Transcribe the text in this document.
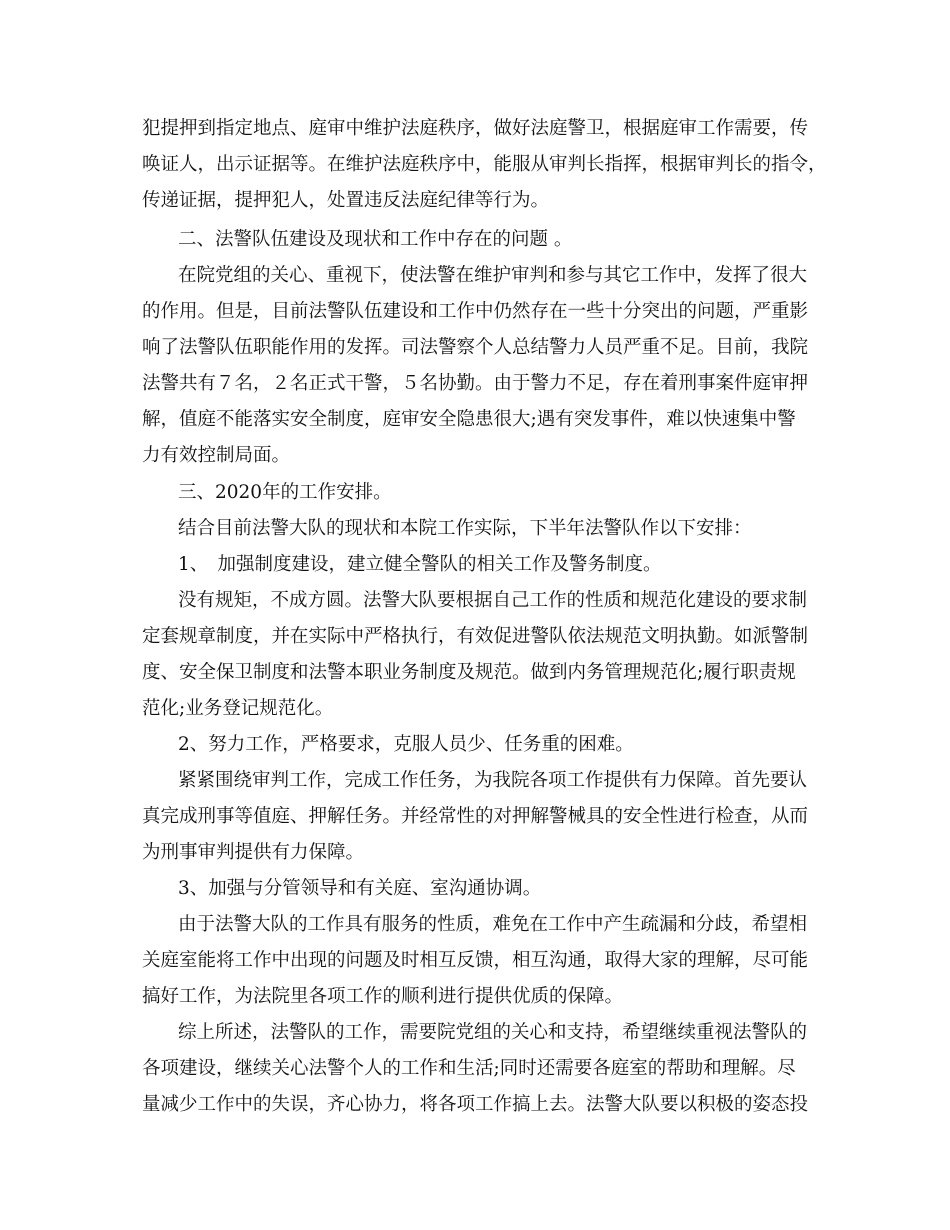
犯提押到指定地点、庭审中维护法庭秩序，做好法庭警卫，根据庭审工作需要，传
唤证人，出示证据等。在维护法庭秩序中，能服从审判长指挥，根据审判长的指令，
传递证据，提押犯人，处置违反法庭纪律等行为。
二、法警队伍建设及现状和工作中存在的问题 。
在院党组的关心、重视下，使法警在维护审判和参与其它工作中，发挥了很大
的作用。但是，目前法警队伍建设和工作中仍然存在一些十分突出的问题，严重影
响了法警队伍职能作用的发挥。司法警察个人总结警力人员严重不足。目前，我院
法警共有７名，２名正式干警，５名协勤。由于警力不足，存在着刑事案件庭审押
解，值庭不能落实安全制度，庭审安全隐患很大;遇有突发事件，难以快速集中警
力有效控制局面。
三、2020年的工作安排。
结合目前法警大队的现状和本院工作实际，下半年法警队作以下安排：
1、　加强制度建设，建立健全警队的相关工作及警务制度。
没有规矩，不成方圆。法警大队要根据自己工作的性质和规范化建设的要求制
定套规章制度，并在实际中严格执行，有效促进警队依法规范文明执勤。如派警制
度、安全保卫制度和法警本职业务制度及规范。做到内务管理规范化;履行职责规
范化;业务登记规范化。
2、努力工作，严格要求，克服人员少、任务重的困难。
紧紧围绕审判工作，完成工作任务，为我院各项工作提供有力保障。首先要认
真完成刑事等值庭、押解任务。并经常性的对押解警械具的安全性进行检查，从而
为刑事审判提供有力保障。
3、加强与分管领导和有关庭、室沟通协调。
由于法警大队的工作具有服务的性质，难免在工作中产生疏漏和分歧，希望相
关庭室能将工作中出现的问题及时相互反馈，相互沟通，取得大家的理解，尽可能
搞好工作，为法院里各项工作的顺利进行提供优质的保障。
综上所述，法警队的工作，需要院党组的关心和支持，希望继续重视法警队的
各项建设，继续关心法警个人的工作和生活;同时还需要各庭室的帮助和理解。尽
量减少工作中的失误，齐心协力，将各项工作搞上去。法警大队要以积极的姿态投
